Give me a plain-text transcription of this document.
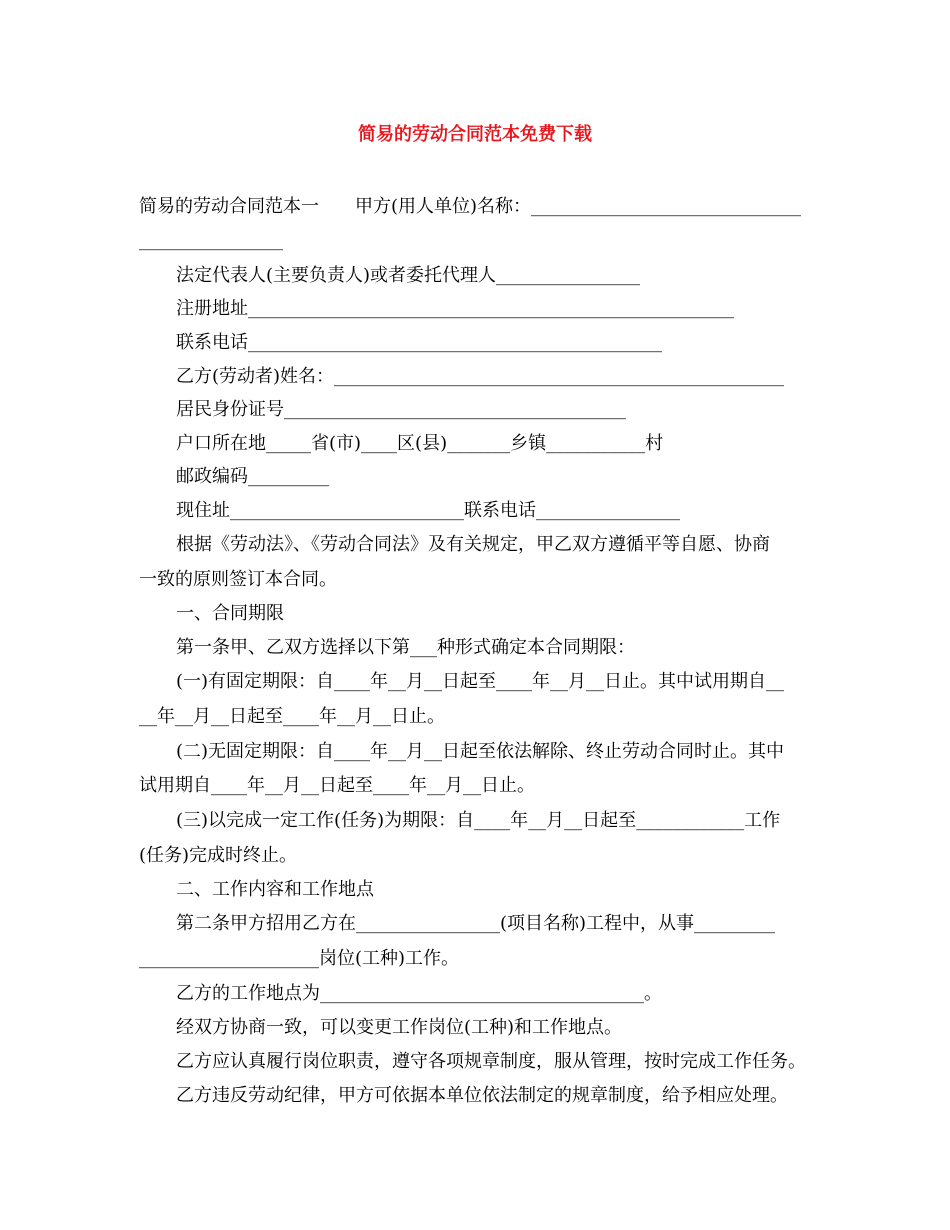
简易的劳动合同范本免费下载

简易的劳动合同范本一　　甲方(用人单位)名称：______________________________

________________

法定代表人(主要负责人)或者委托代理人________________

注册地址______________________________________________________

联系电话______________________________________________

乙方(劳动者)姓名：__________________________________________________

居民身份证号______________________________________

户口所在地_____省(市)____区(县)_______乡镇___________村

邮政编码_________

现住址__________________________联系电话________________

根据《劳动法》、《劳动合同法》及有关规定，甲乙双方遵循平等自愿、协商

一致的原则签订本合同。

一、合同期限

第一条甲、乙双方选择以下第___种形式确定本合同期限：

(一)有固定期限：自____年__月__日起至____年__月__日止。其中试用期自__

__年__月__日起至____年__月__日止。

(二)无固定期限：自____年__月__日起至依法解除、终止劳动合同时止。其中

试用期自____年__月__日起至____年__月__日止。

(三)以完成一定工作(任务)为期限：自____年__月__日起至____________工作

(任务)完成时终止。

二、工作内容和工作地点

第二条甲方招用乙方在________________(项目名称)工程中，从事_________

____________________岗位(工种)工作。

乙方的工作地点为____________________________________。

经双方协商一致，可以变更工作岗位(工种)和工作地点。

乙方应认真履行岗位职责，遵守各项规章制度，服从管理，按时完成工作任务。

乙方违反劳动纪律，甲方可依据本单位依法制定的规章制度，给予相应处理。
